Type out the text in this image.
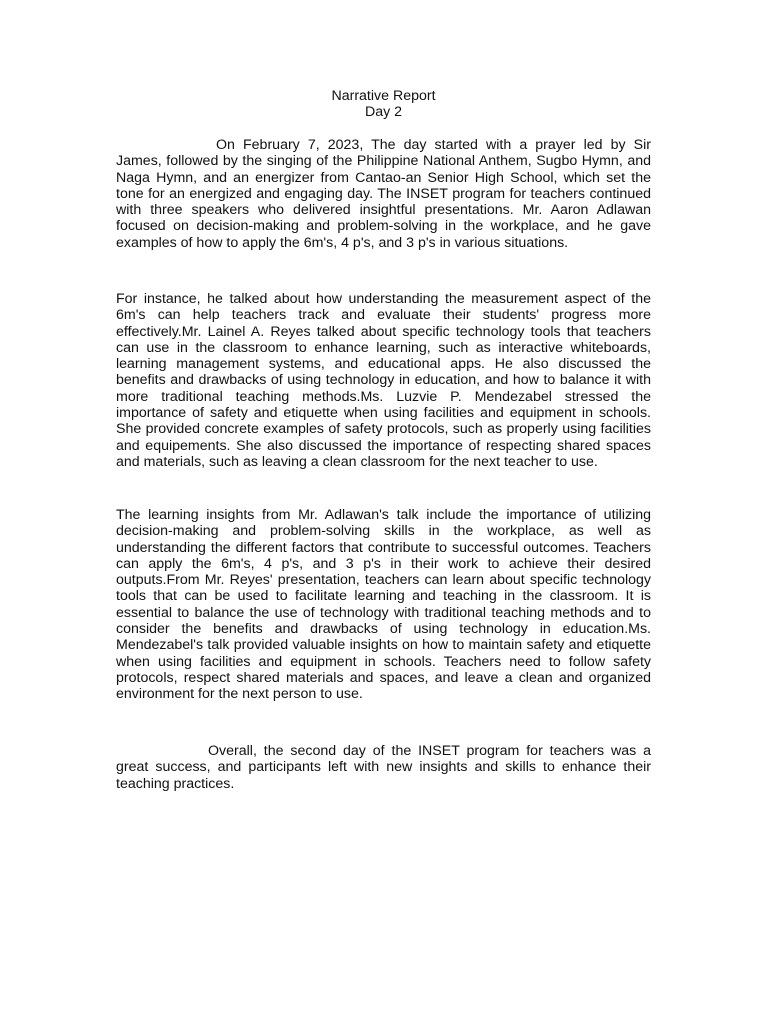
Narrative Report
Day 2

On February 7, 2023, The day started with a prayer led by Sir James, followed by the singing of the Philippine National Anthem, Sugbo Hymn, and Naga Hymn, and an energizer from Cantao-an Senior High School, which set the tone for an energized and engaging day. The INSET program for teachers continued with three speakers who delivered insightful presentations. Mr. Aaron Adlawan focused on decision-making and problem-solving in the workplace, and he gave examples of how to apply the 6m's, 4 p's, and 3 p's in various situations.

For instance, he talked about how understanding the measurement aspect of the 6m's can help teachers track and evaluate their students' progress more effectively.Mr. Lainel A. Reyes talked about specific technology tools that teachers can use in the classroom to enhance learning, such as interactive whiteboards, learning management systems, and educational apps. He also discussed the benefits and drawbacks of using technology in education, and how to balance it with more traditional teaching methods.Ms. Luzvie P. Mendezabel stressed the importance of safety and etiquette when using facilities and equipment in schools. She provided concrete examples of safety protocols, such as properly using facilities and equipements. She also discussed the importance of respecting shared spaces and materials, such as leaving a clean classroom for the next teacher to use.

The learning insights from Mr. Adlawan's talk include the importance of utilizing decision-making and problem-solving skills in the workplace, as well as understanding the different factors that contribute to successful outcomes. Teachers can apply the 6m's, 4 p's, and 3 p's in their work to achieve their desired outputs.From Mr. Reyes' presentation, teachers can learn about specific technology tools that can be used to facilitate learning and teaching in the classroom. It is essential to balance the use of technology with traditional teaching methods and to consider the benefits and drawbacks of using technology in education.Ms. Mendezabel's talk provided valuable insights on how to maintain safety and etiquette when using facilities and equipment in schools. Teachers need to follow safety protocols, respect shared materials and spaces, and leave a clean and organized environment for the next person to use.

Overall, the second day of the INSET program for teachers was a great success, and participants left with new insights and skills to enhance their teaching practices.
